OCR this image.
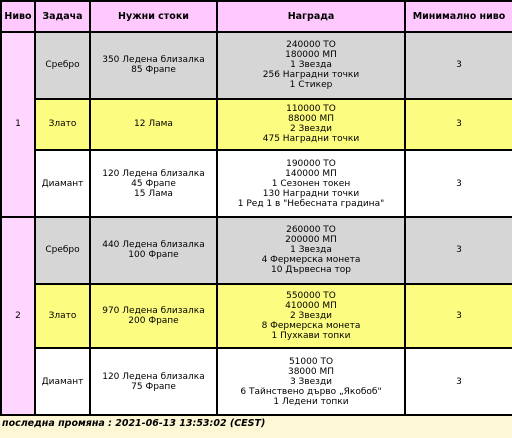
Ниво	Задача	Нужни стоки	Награда	Минимално ниво
1	Сребро	350 Ледена близалка
85 Фрапе	240000 ТО
180000 МП
1 Звезда
256 Наградни точки
1 Стикер	3
	Злато	12 Лама	110000 ТО
88000 МП
2 Звезди
475 Наградни точки	3
	Диамант	120 Ледена близалка
45 Фрапе
15 Лама	190000 ТО
140000 МП
1 Сезонен токен
130 Наградни точки
1 Ред 1 в "Небесната градина"	3
2	Сребро	440 Ледена близалка
100 Фрапе	260000 ТО
200000 МП
1 Звезда
4 Фермерска монета
10 Дървесна тор	3
	Злато	970 Ледена близалка
200 Фрапе	550000 ТО
410000 МП
2 Звезди
8 Фермерска монета
1 Пухкави топки	3
	Диамант	120 Ледена близалка
75 Фрапе	51000 ТО
38000 МП
3 Звезди
6 Тайнствено дърво „Якобоб"
1 Ледени топки	3
последна промяна : 2021-06-13 13:53:02 (CEST)
